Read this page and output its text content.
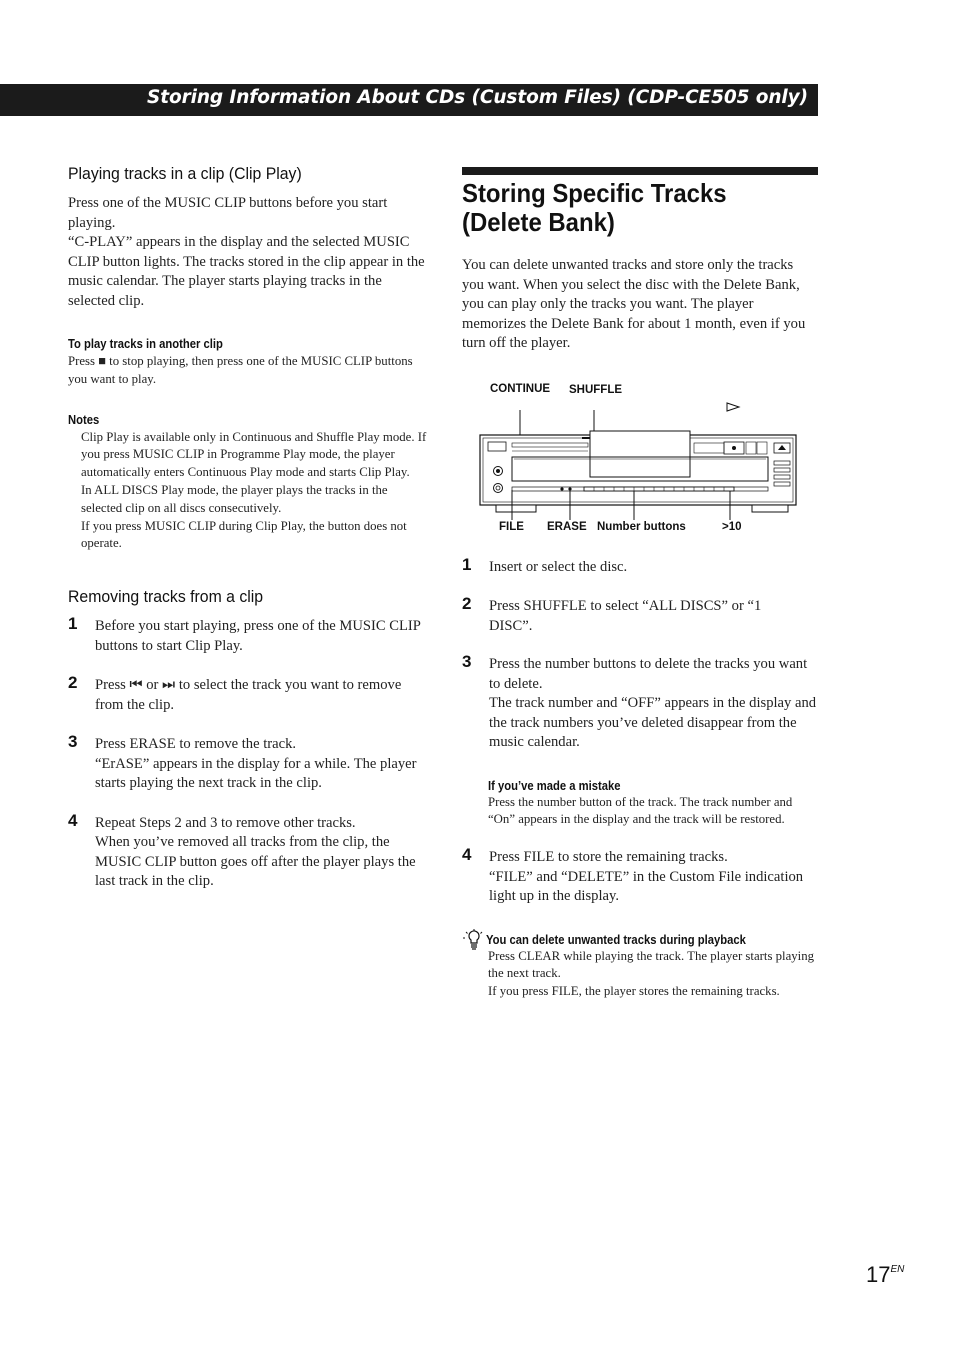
Storing Information About CDs (Custom Files) (CDP-CE505 only)
Playing tracks in a clip (Clip Play)

Press one of the MUSIC CLIP buttons before you start playing.

“C-PLAY” appears in the display and the selected MUSIC CLIP button lights. The tracks stored in the clip appear in the music calendar. The player starts playing tracks in the selected clip.

To play tracks in another clip

Press ■ to stop playing, then press one of the MUSIC CLIP buttons you want to play.

Notes

Clip Play is available only in Continuous and Shuffle Play mode. If you press MUSIC CLIP in Programme Play mode, the player automatically enters Continuous Play mode and starts Clip Play.

In ALL DISCS Play mode, the player plays the tracks in the selected clip on all discs consecutively.

If you press MUSIC CLIP during Clip Play, the button does not operate.

Removing tracks from a clip
1 Before you start playing, press one of the MUSIC CLIP buttons to start Clip Play.

2 Press ⏮ or ⏭ to select the track you want to remove from the clip.

3 Press ERASE to remove the track.

“ErASE” appears in the display for a while. The player starts playing the next track in the clip.

4 Repeat Steps 2 and 3 to remove other tracks.

When you’ve removed all tracks from the clip, the MUSIC CLIP button goes off after the player plays the last track in the clip.

Storing Specific Tracks
(Delete Bank)

You can delete unwanted tracks and store only the tracks you want. When you select the disc with the Delete Bank, you can play only the tracks you want. The player memorizes the Delete Bank for about 1 month, even if you turn off the player.

CONTINUE SHUFFLE
FILE ERASE Number buttons	>10
1 Insert or select the disc.

2 Press SHUFFLE to select “ALL DISCS” or “1 DISC”.

3 Press the number buttons to delete the tracks you want to delete.

The track number and “OFF” appears in the display and the track numbers you’ve deleted disappear from the music calendar.

If you’ve made a mistake

Press the number button of the track. The track number and “On” appears in the display and the track will be restored.

4 Press FILE to store the remaining tracks.

“FILE” and “DELETE” in the Custom File indication light up in the display.

You can delete unwanted tracks during playback

Press CLEAR while playing the track. The player starts playing the next track.

If you press FILE, the player stores the remaining tracks.

$17^{EN}$
